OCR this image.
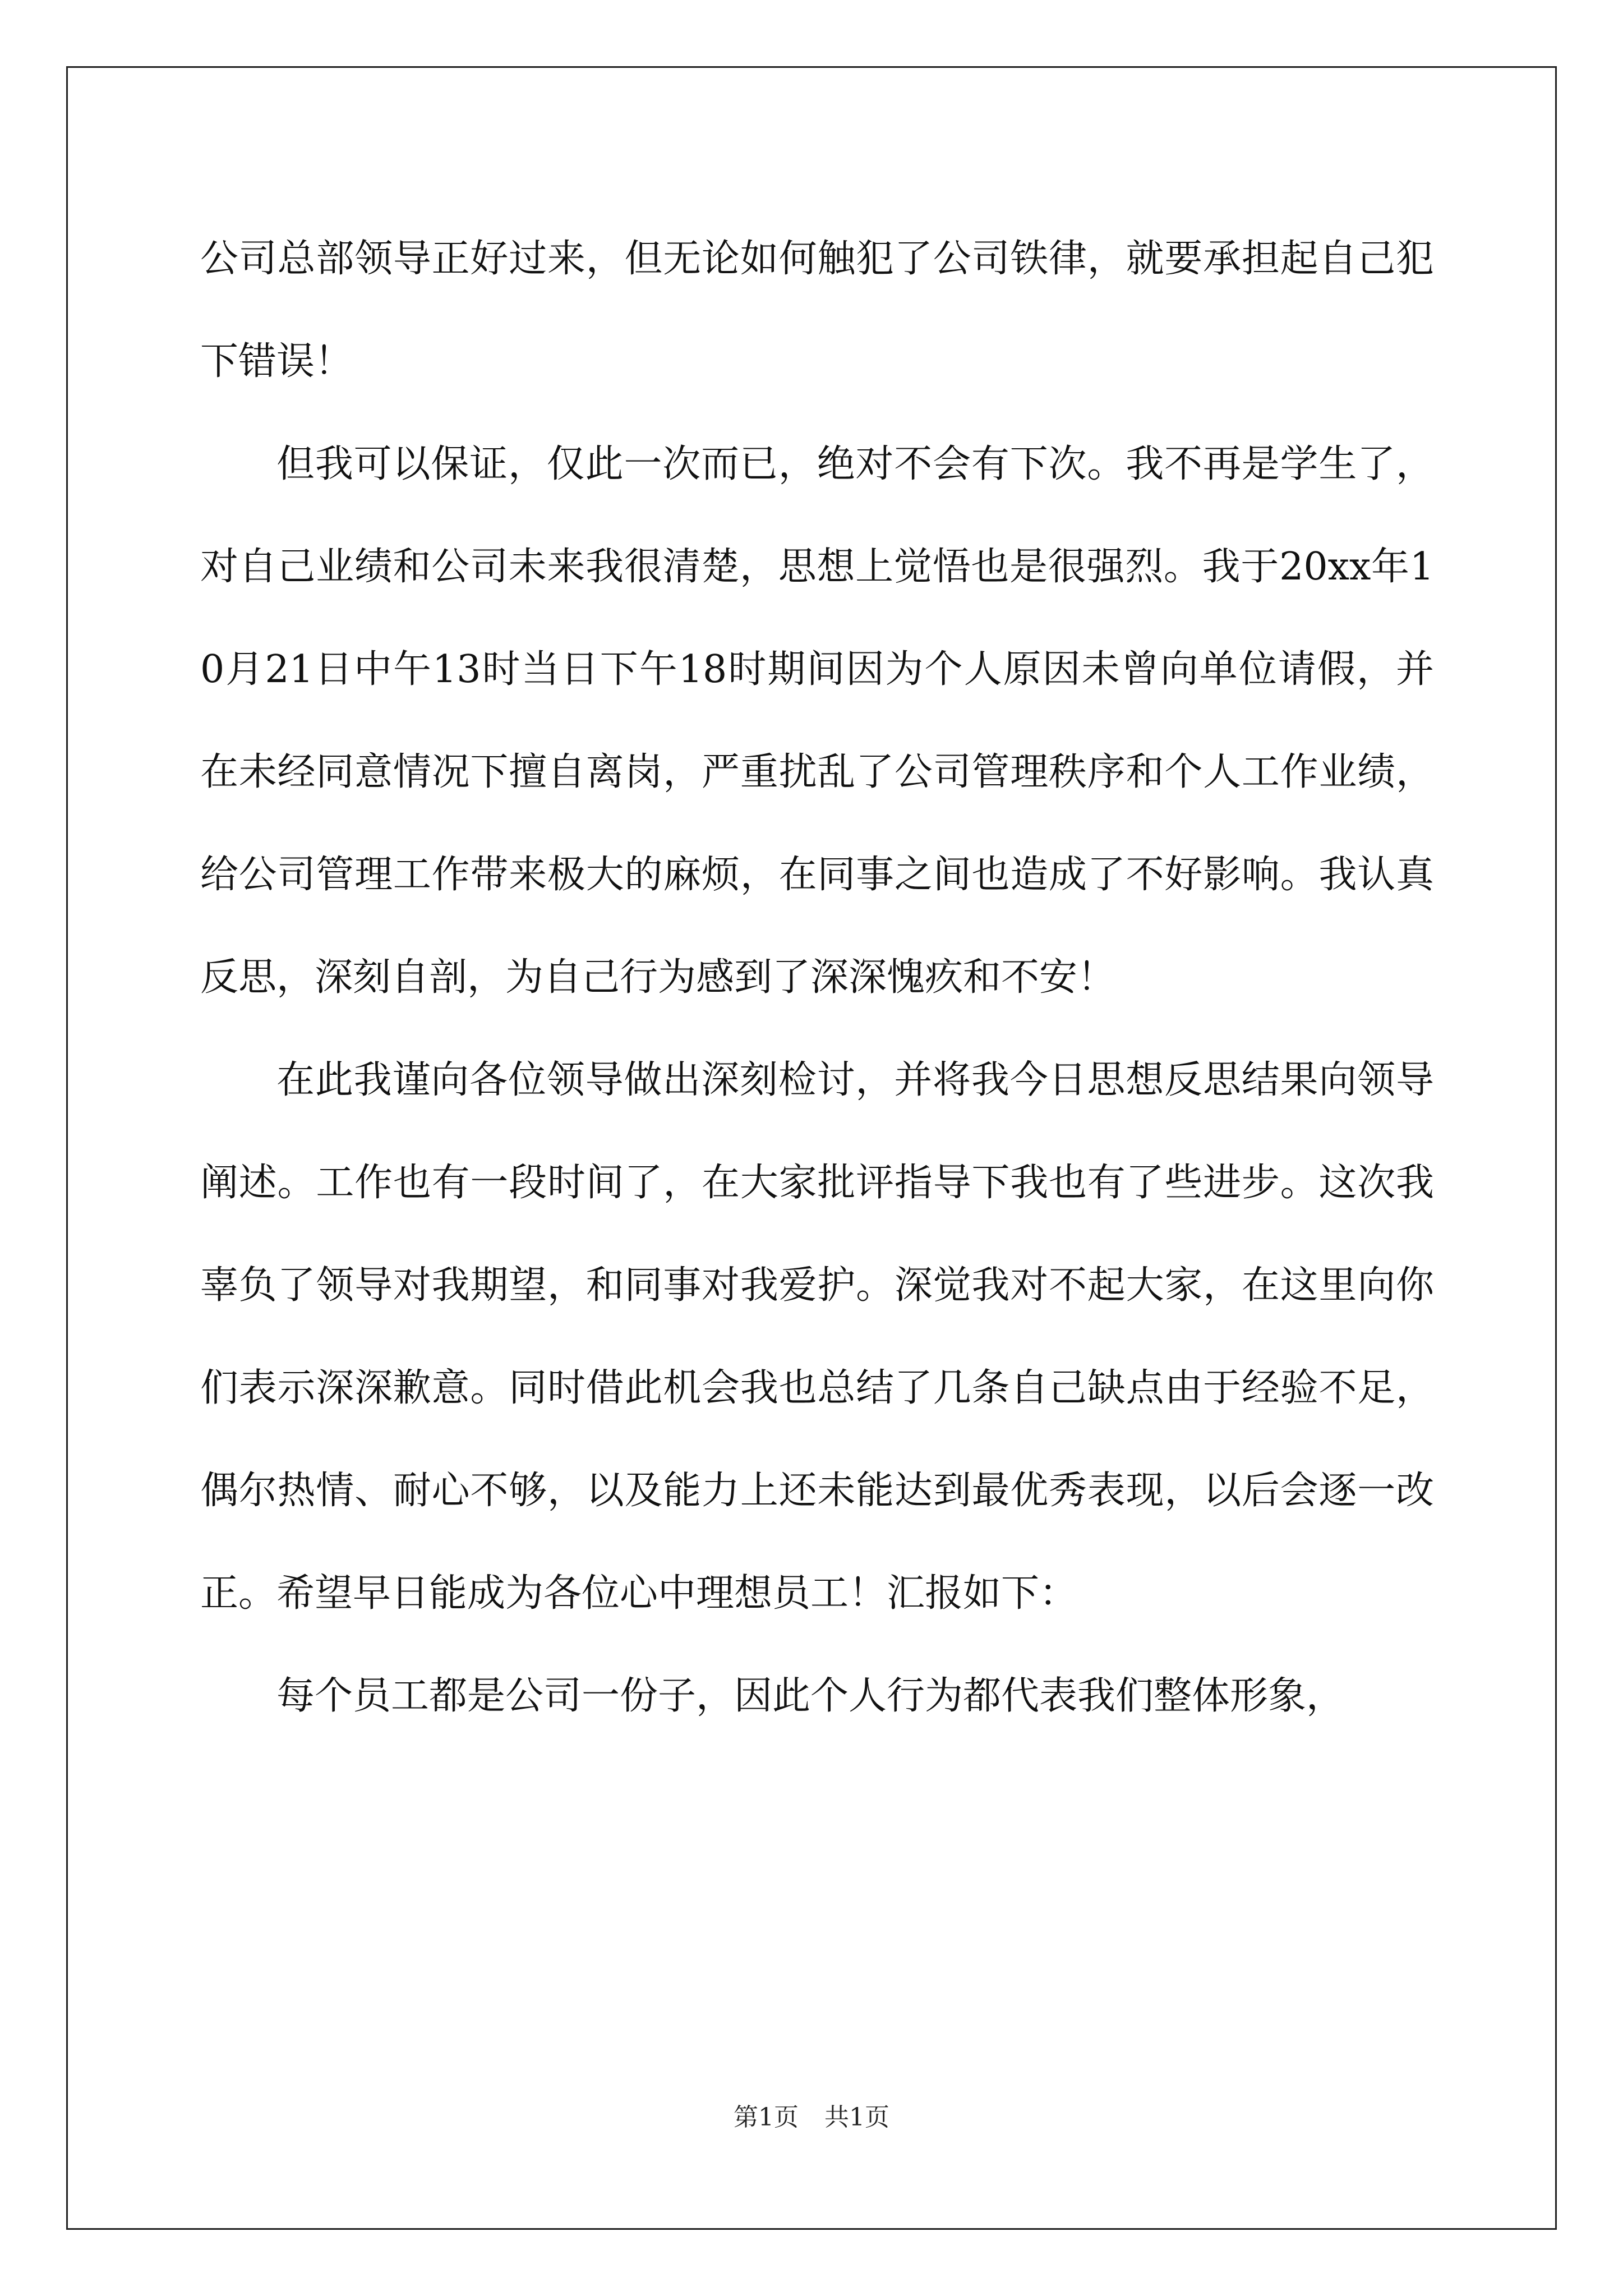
公司总部领导正好过来，但无论如何触犯了公司铁律，就要承担起自己犯下错误！

但我可以保证，仅此一次而已，绝对不会有下次。我不再是学生了，对自己业绩和公司未来我很清楚，思想上觉悟也是很强烈。我于20xx年10月21日中午13时当日下午18时期间因为个人原因未曾向单位请假，并在未经同意情况下擅自离岗，严重扰乱了公司管理秩序和个人工作业绩，给公司管理工作带来极大的麻烦，在同事之间也造成了不好影响。我认真反思，深刻自剖，为自己行为感到了深深愧疚和不安！

在此我谨向各位领导做出深刻检讨，并将我今日思想反思结果向领导阐述。工作也有一段时间了，在大家批评指导下我也有了些进步。这次我辜负了领导对我期望，和同事对我爱护。深觉我对不起大家，在这里向你们表示深深歉意。同时借此机会我也总结了几条自己缺点由于经验不足，偶尔热情、耐心不够，以及能力上还未能达到最优秀表现，以后会逐一改正。希望早日能成为各位心中理想员工！汇报如下：

每个员工都是公司一份子，因此个人行为都代表我们整体形象，

第1页 共1页
